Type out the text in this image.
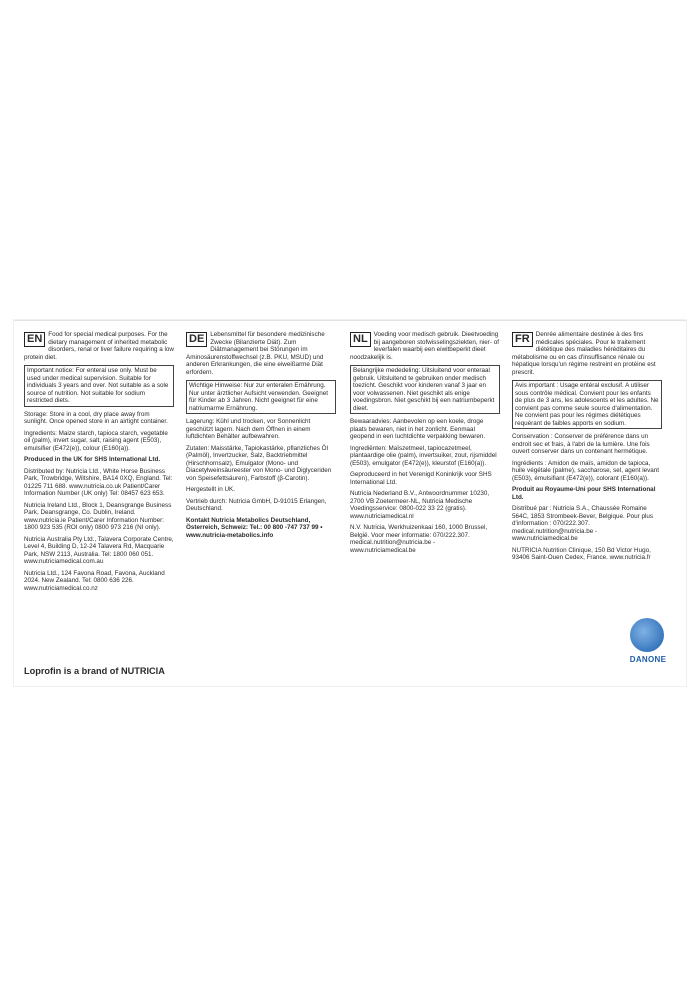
EN Food for special medical purposes. For the dietary management of inherited metabolic disorders, renal or liver failure requiring a low protein diet.

Important notice: For enteral use only. Must be used under medical supervision. Suitable for individuals 3 years and over. Not suitable as a sole source of nutrition. Not suitable for sodium restricted diets.

Storage: Store in a cool, dry place away from sunlight. Once opened store in an airtight container.

Ingredients: Maize starch, tapioca starch, vegetable oil (palm), invert sugar, salt, raising agent (E503), emulsifier (E472(e)), colour (E160(a)).

Produced in the UK for SHS International Ltd.

Distributed by: Nutricia Ltd., White Horse Business Park, Trowbridge, Wiltshire, BA14 0XQ, England. Tel: 01225 711 688. www.nutricia.co.uk Patient/Carer Information Number (UK only) Tel: 08457 623 653.

Nutricia Ireland Ltd., Block 1, Deansgrange Business Park, Deansgrange, Co. Dublin, Ireland. www.nutricia.ie Patient/Carer Information Number: 1800 923 535 (ROI only) 0800 973 216 (NI only).

Nutricia Australia Pty Ltd., Talavera Corporate Centre, Level 4, Building D, 12-24 Talavera Rd, Macquarie Park, NSW 2113, Australia. Tel: 1800 060 051. www.nutriciamedical.com.au

Nutricia Ltd., 124 Favona Road, Favona, Auckland 2024. New Zealand. Tel: 0800 636 226. www.nutriciamedical.co.nz

Loprofin is a brand of NUTRICIA
DE Lebensmittel für besondere medizinische Zwecke (Bilanzierte Diät). Zum Diätmanagement bei Störungen im Aminosäurenstoffwechsel (z.B. PKU, MSUD) und anderen Erkrankungen, die eine eiweißarme Diät erfordern.

Wichtige Hinweise: Nur zur enteralen Ernährung. Nur unter ärztlicher Aufsicht verwenden. Geeignet für Kinder ab 3 Jahren. Nicht geeignet für eine natriumarme Ernährung.

Lagerung: Kühl und trocken, vor Sonnenlicht geschützt lagern. Nach dem Öffnen in einem luftdichten Behälter aufbewahren.

Zutaten: Maisstärke, Tapiokastärke, pflanzliches Öl (Palmöl), Invertzucker, Salz, Backtriebmittel (Hirschhornsalz), Emulgator (Mono- und Diacetylweinsäureester von Mono- und Diglyceriden von Speisefettsäuren), Farbstoff (β-Carotin).

Hergestellt in UK.

Vertrieb durch: Nutricia GmbH, D-91015 Erlangen, Deutschland.

Kontakt Nutricia Metabolics Deutschland, Österreich, Schweiz: Tel.: 00 800 -747 737 99 • www.nutricia-metabolics.info

NL Voeding voor medisch gebruik. Dieetvoeding bij aangeboren stofwisselingsziekten, nier- of leverfalen waarbij een eiwitbeperkt dieet noodzakelijk is.

Belangrijke mededeling: Uitsluitend voor enteraal gebruik. Uitsluitend te gebruiken onder medisch toezicht. Geschikt voor kinderen vanaf 3 jaar en voor volwassenen. Niet geschikt als enige voedingsbron. Niet geschikt bij een natriumbeperkt dieet.

Bewaaradvies: Aanbevolen op een koele, droge plaats bewaren, niet in het zonlicht. Eenmaal geopend in een luchtdichte verpakking bewaren.

Ingrediënten: Maïszetmeel, tapiocazetmeel, plantaardige olie (palm), invertsuiker, zout, rijsmiddel (E503), emulgator (E472(e)), kleurstof (E160(a)).

Geproduceerd in het Verenigd Koninkrijk voor SHS International Ltd.

Nutricia Nederland B.V., Antwoordnummer 10230, 2700 VB Zoetermeer-NL, Nutricia Medische Voedingsservice: 0800-022 33 22 (gratis). www.nutriciamedical.nl

N.V. Nutricia, Werkhuizenkaai 160, 1000 Brussel, België. Voor meer informatie: 070/222.307. medical.nutrition@nutricia.be - www.nutriciamedical.be

FR Denrée alimentaire destinée à des fins médicales spéciales. Pour le traitement diététique des maladies héréditaires du métabolisme ou en cas d'insuffisance rénale ou hépatique lorsqu'un régime restreint en protéine est prescrit.

Avis important : Usage entéral exclusif. A utiliser sous contrôle médical. Convient pour les enfants de plus de 3 ans, les adolescents et les adultes. Ne convient pas comme seule source d'alimentation. Ne convient pas pour les régimes diététiques requérant de faibles apports en sodium.

Conservation : Conserver de préférence dans un endroit sec et frais, à l'abri de la lumière. Une fois ouvert conserver dans un contenant hermétique.

Ingrédients : Amidon de maïs, amidon de tapioca, huile végétale (palme), saccharose, sel, agent levant (E503), émulsifiant (E472(e)), colorant (E160(a)).

Produit au Royaume-Uni pour SHS International Ltd.

Distribué par : Nutricia S.A., Chaussée Romaine 564C, 1853 Strombeek-Bever, Belgique. Pour plus d'information : 070/222.307. medical.nutrition@nutricia.be - www.nutriciamedical.be

NUTRICIA Nutrition Clinique, 150 Bd Victor Hugo, 93406 Saint-Ouen Cedex, France. www.nutricia.fr

DANONE
